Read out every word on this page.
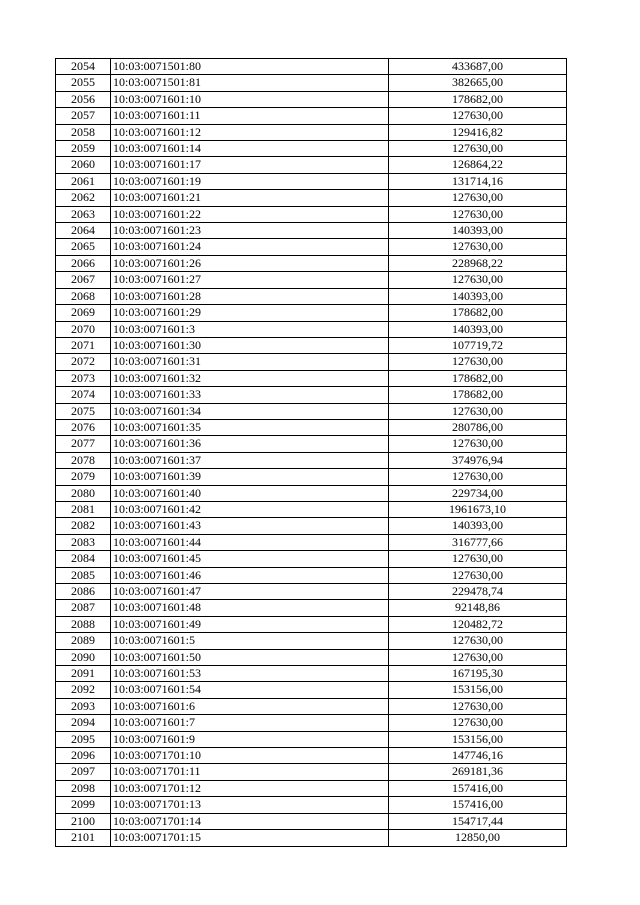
2054	10:03:0071501:80	433687,00
2055	10:03:0071501:81	382665,00
2056	10:03:0071601:10	178682,00
2057	10:03:0071601:11	127630,00
2058	10:03:0071601:12	129416,82
2059	10:03:0071601:14	127630,00
2060	10:03:0071601:17	126864,22
2061	10:03:0071601:19	131714,16
2062	10:03:0071601:21	127630,00
2063	10:03:0071601:22	127630,00
2064	10:03:0071601:23	140393,00
2065	10:03:0071601:24	127630,00
2066	10:03:0071601:26	228968,22
2067	10:03:0071601:27	127630,00
2068	10:03:0071601:28	140393,00
2069	10:03:0071601:29	178682,00
2070	10:03:0071601:3	140393,00
2071	10:03:0071601:30	107719,72
2072	10:03:0071601:31	127630,00
2073	10:03:0071601:32	178682,00
2074	10:03:0071601:33	178682,00
2075	10:03:0071601:34	127630,00
2076	10:03:0071601:35	280786,00
2077	10:03:0071601:36	127630,00
2078	10:03:0071601:37	374976,94
2079	10:03:0071601:39	127630,00
2080	10:03:0071601:40	229734,00
2081	10:03:0071601:42	1961673,10
2082	10:03:0071601:43	140393,00
2083	10:03:0071601:44	316777,66
2084	10:03:0071601:45	127630,00
2085	10:03:0071601:46	127630,00
2086	10:03:0071601:47	229478,74
2087	10:03:0071601:48	92148,86
2088	10:03:0071601:49	120482,72
2089	10:03:0071601:5	127630,00
2090	10:03:0071601:50	127630,00
2091	10:03:0071601:53	167195,30
2092	10:03:0071601:54	153156,00
2093	10:03:0071601:6	127630,00
2094	10:03:0071601:7	127630,00
2095	10:03:0071601:9	153156,00
2096	10:03:0071701:10	147746,16
2097	10:03:0071701:11	269181,36
2098	10:03:0071701:12	157416,00
2099	10:03:0071701:13	157416,00
2100	10:03:0071701:14	154717,44
2101	10:03:0071701:15	12850,00
